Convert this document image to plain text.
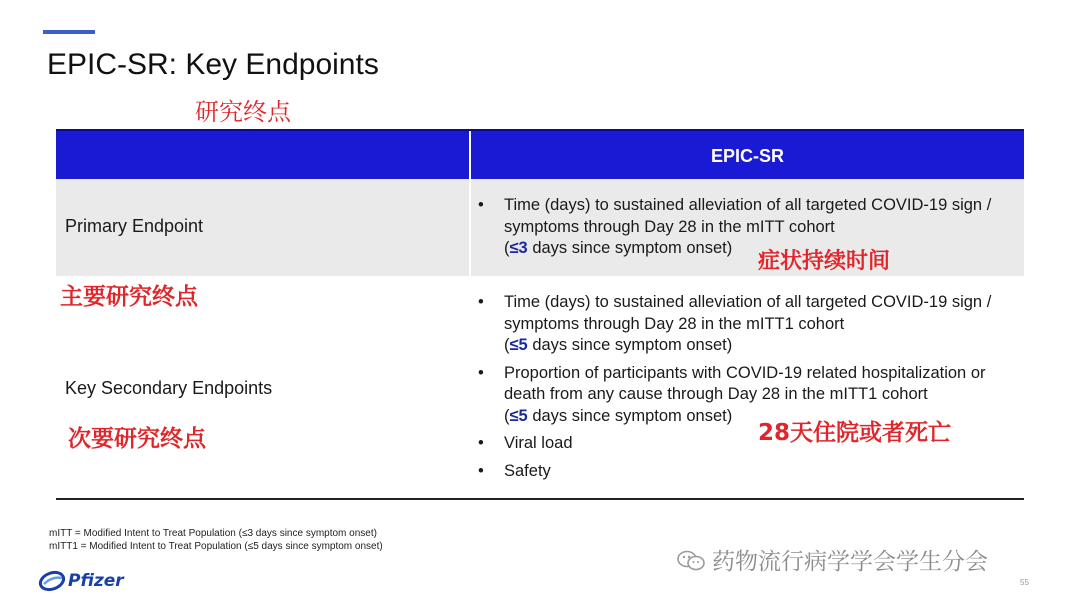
EPIC-SR: Key Endpoints
研究终点
EPIC-SR
Primary Endpoint
• Time (days) to sustained alleviation of all targeted COVID-19 sign / symptoms through Day 28 in the mITT cohort
(≤3 days since symptom onset)
症状持续时间
主要研究终点
Key Secondary Endpoints
次要研究终点
• Time (days) to sustained alleviation of all targeted COVID-19 sign / symptoms through Day 28 in the mITT1 cohort
(≤5 days since symptom onset)
• Proportion of participants with COVID-19 related hospitalization or death from any cause through Day 28 in the mITT1 cohort
(≤5 days since symptom onset)
• Viral load
• Safety
28天住院或者死亡
mITT = Modified Intent to Treat Population (≤3 days since symptom onset)
mITT1 = Modified Intent to Treat Population (≤5 days since symptom onset)
Pfizer
药物流行病学学会学生分会
55
